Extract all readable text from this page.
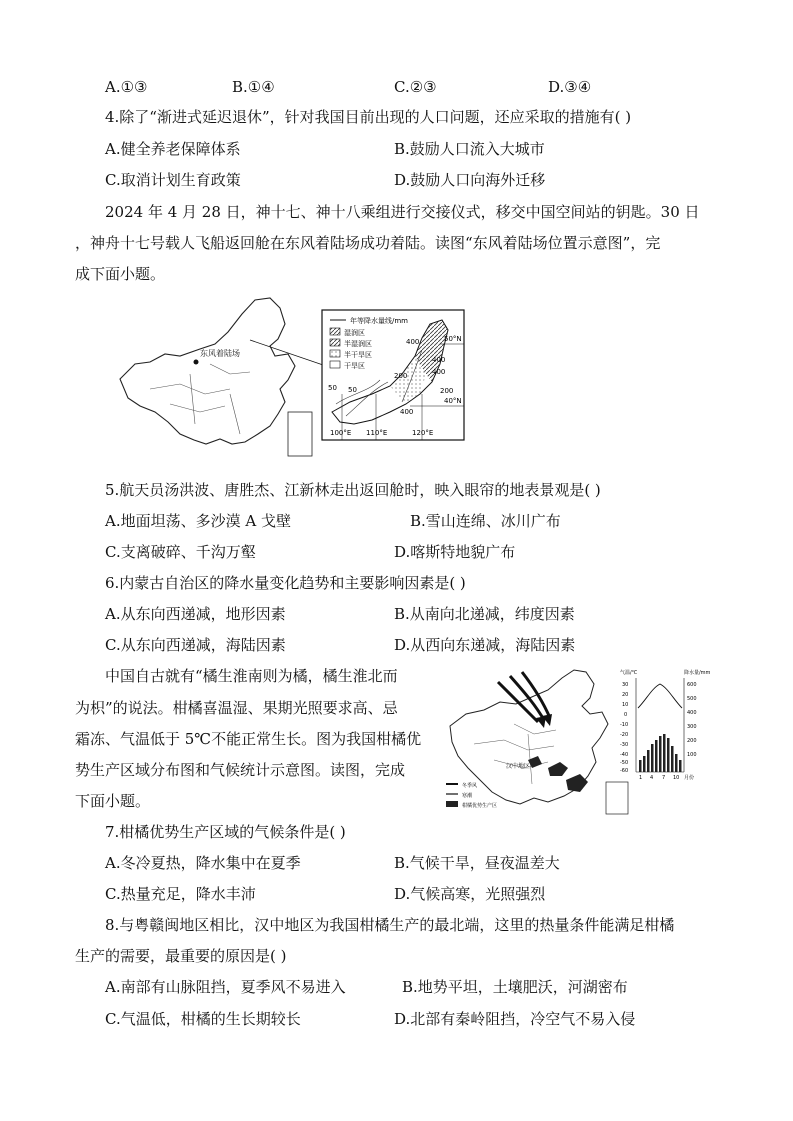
A.①③	B.①④	C.②③	D.③④
4.除了“渐进式延迟退休”，针对我国目前出现的人口问题，还应采取的措施有( )
A.健全养老保障体系	B.鼓励人口流入大城市
C.取消计划生育政策	D.鼓励人口向海外迁移
2024 年 4 月 28 日，神十七、神十八乘组进行交接仪式，移交中国空间站的钥匙。30 日
，神舟十七号载人飞船返回舱在东风着陆场成功着陆。读图“东风着陆场位置示意图”，完
成下面小题。
东风着陆场
年等降水量线/mm
湿润区
半湿润区
半干旱区
干旱区
400
400
400
400
50 50
200
200
50°N
40°N
100°E 110°E	120°E
5.航天员汤洪波、唐胜杰、江新林走出返回舱时，映入眼帘的地表景观是( )
A.地面坦荡、多沙漠 A 戈壁	B.雪山连绵、冰川广布
C.支离破碎、千沟万壑	D.喀斯特地貌广布
6.内蒙古自治区的降水量变化趋势和主要影响因素是( )
A.从东向西递减，地形因素	B.从南向北递减，纬度因素
C.从东向西递减，海陆因素	D.从西向东递减，海陆因素
中国自古就有“橘生淮南则为橘，橘生淮北而
为枳”的说法。柑橘喜温湿、果期光照要求高、忌
霜冻、气温低于 5℃不能正常生长。图为我国柑橘优
势生产区域分布图和气候统计示意图。读图，完成
下面小题。
汉中地区
冬季风
寒潮
柑橘优势生产区
气温/℃	降水量/mm
30
20
10
0
-10
-20
-30
-40
-50
-60
600
500
400
300
200
100
1 4 7 10 月份
7.柑橘优势生产区域的气候条件是( )
A.冬冷夏热，降水集中在夏季	B.气候干旱，昼夜温差大
C.热量充足，降水丰沛	D.气候高寒，光照强烈
8.与粤赣闽地区相比，汉中地区为我国柑橘生产的最北端，这里的热量条件能满足柑橘
生产的需要，最重要的原因是( )
A.南部有山脉阻挡，夏季风不易进入	B.地势平坦，土壤肥沃，河湖密布
C.气温低，柑橘的生长期较长	D.北部有秦岭阻挡，冷空气不易入侵
